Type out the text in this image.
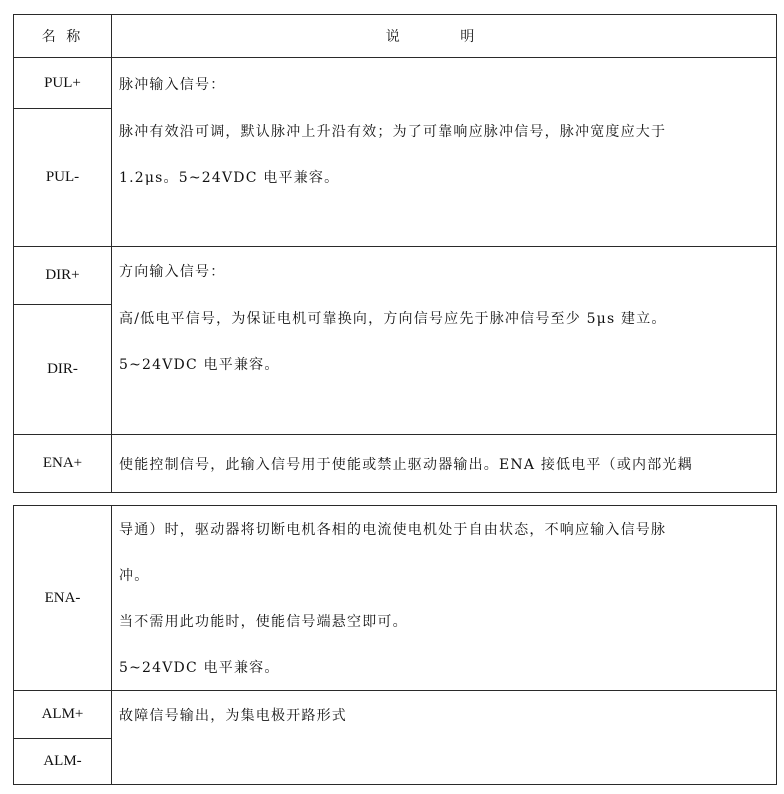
名 称	说 明
PUL+	脉冲输入信号：
脉冲有效沿可调，默认脉冲上升沿有效；为了可靠响应脉冲信号，脉冲宽度应大于
1.2μs。5~24VDC 电平兼容。

PUL-	
DIR+	方向输入信号：
高/低电平信号，为保证电机可靠换向，方向信号应先于脉冲信号至少 5μs 建立。
5~24VDC 电平兼容。

DIR-	
ENA+	使能控制信号，此输入信号用于使能或禁止驱动器输出。ENA 接低电平（或内部光耦
ENA-	导通）时，驱动器将切断电机各相的电流使电机处于自由状态，不响应输入信号脉
冲。
当不需用此功能时，使能信号端悬空即可。
5~24VDC 电平兼容。

ALM+	故障信号输出，为集电极开路形式

ALM-	
